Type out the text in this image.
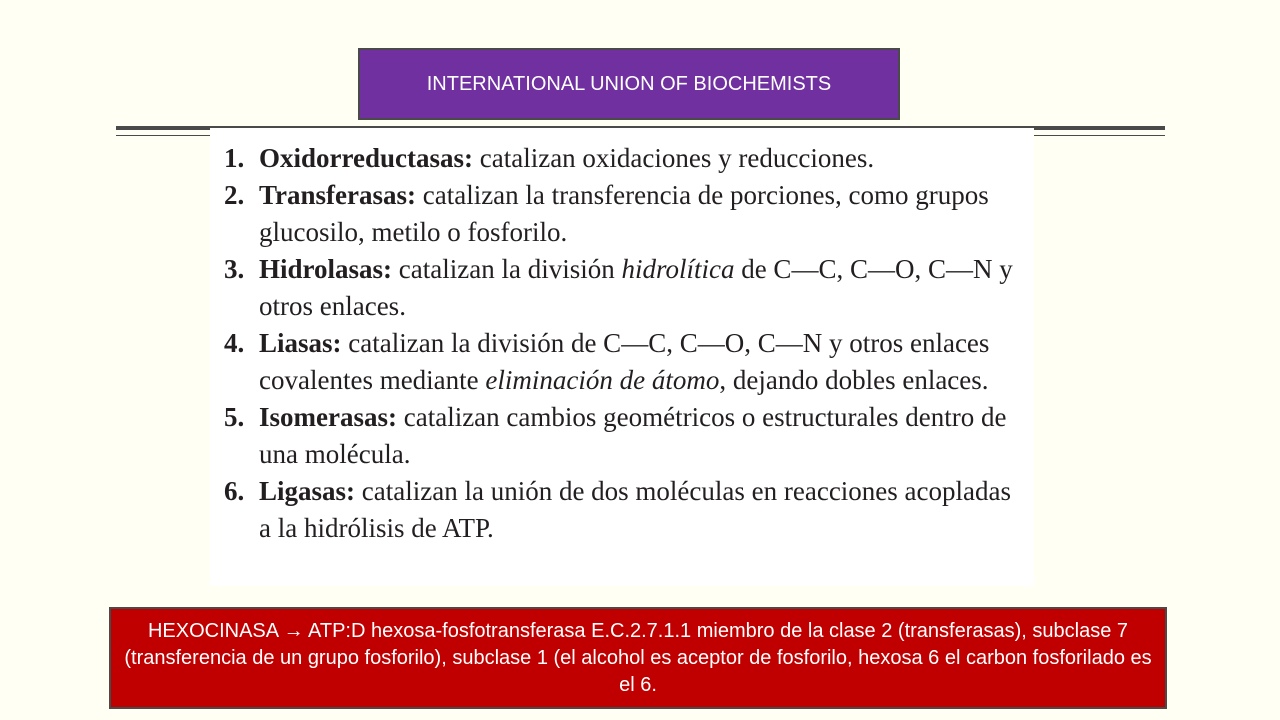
INTERNATIONAL UNION OF BIOCHEMISTS
1. Oxidorreductasas: catalizan oxidaciones y reducciones.
2. Transferasas: catalizan la transferencia de porciones, como grupos glucosilo, metilo o fosforilo.
3. Hidrolasas: catalizan la división hidrolítica de C—C, C—O, C—N y otros enlaces.
4. Liasas: catalizan la división de C—C, C—O, C—N y otros enlaces covalentes mediante eliminación de átomo, dejando dobles enlaces.
5. Isomerasas: catalizan cambios geométricos o estructurales dentro de una molécula.
6. Ligasas: catalizan la unión de dos moléculas en reacciones acopladas a la hidrólisis de ATP.
HEXOCINASA → ATP:D hexosa-fosfotransferasa E.C.2.7.1.1 miembro de la clase 2 (transferasas), subclase 7 (transferencia de un grupo fosforilo), subclase 1 (el alcohol es aceptor de fosforilo, hexosa 6 el carbon fosforilado es el 6.
